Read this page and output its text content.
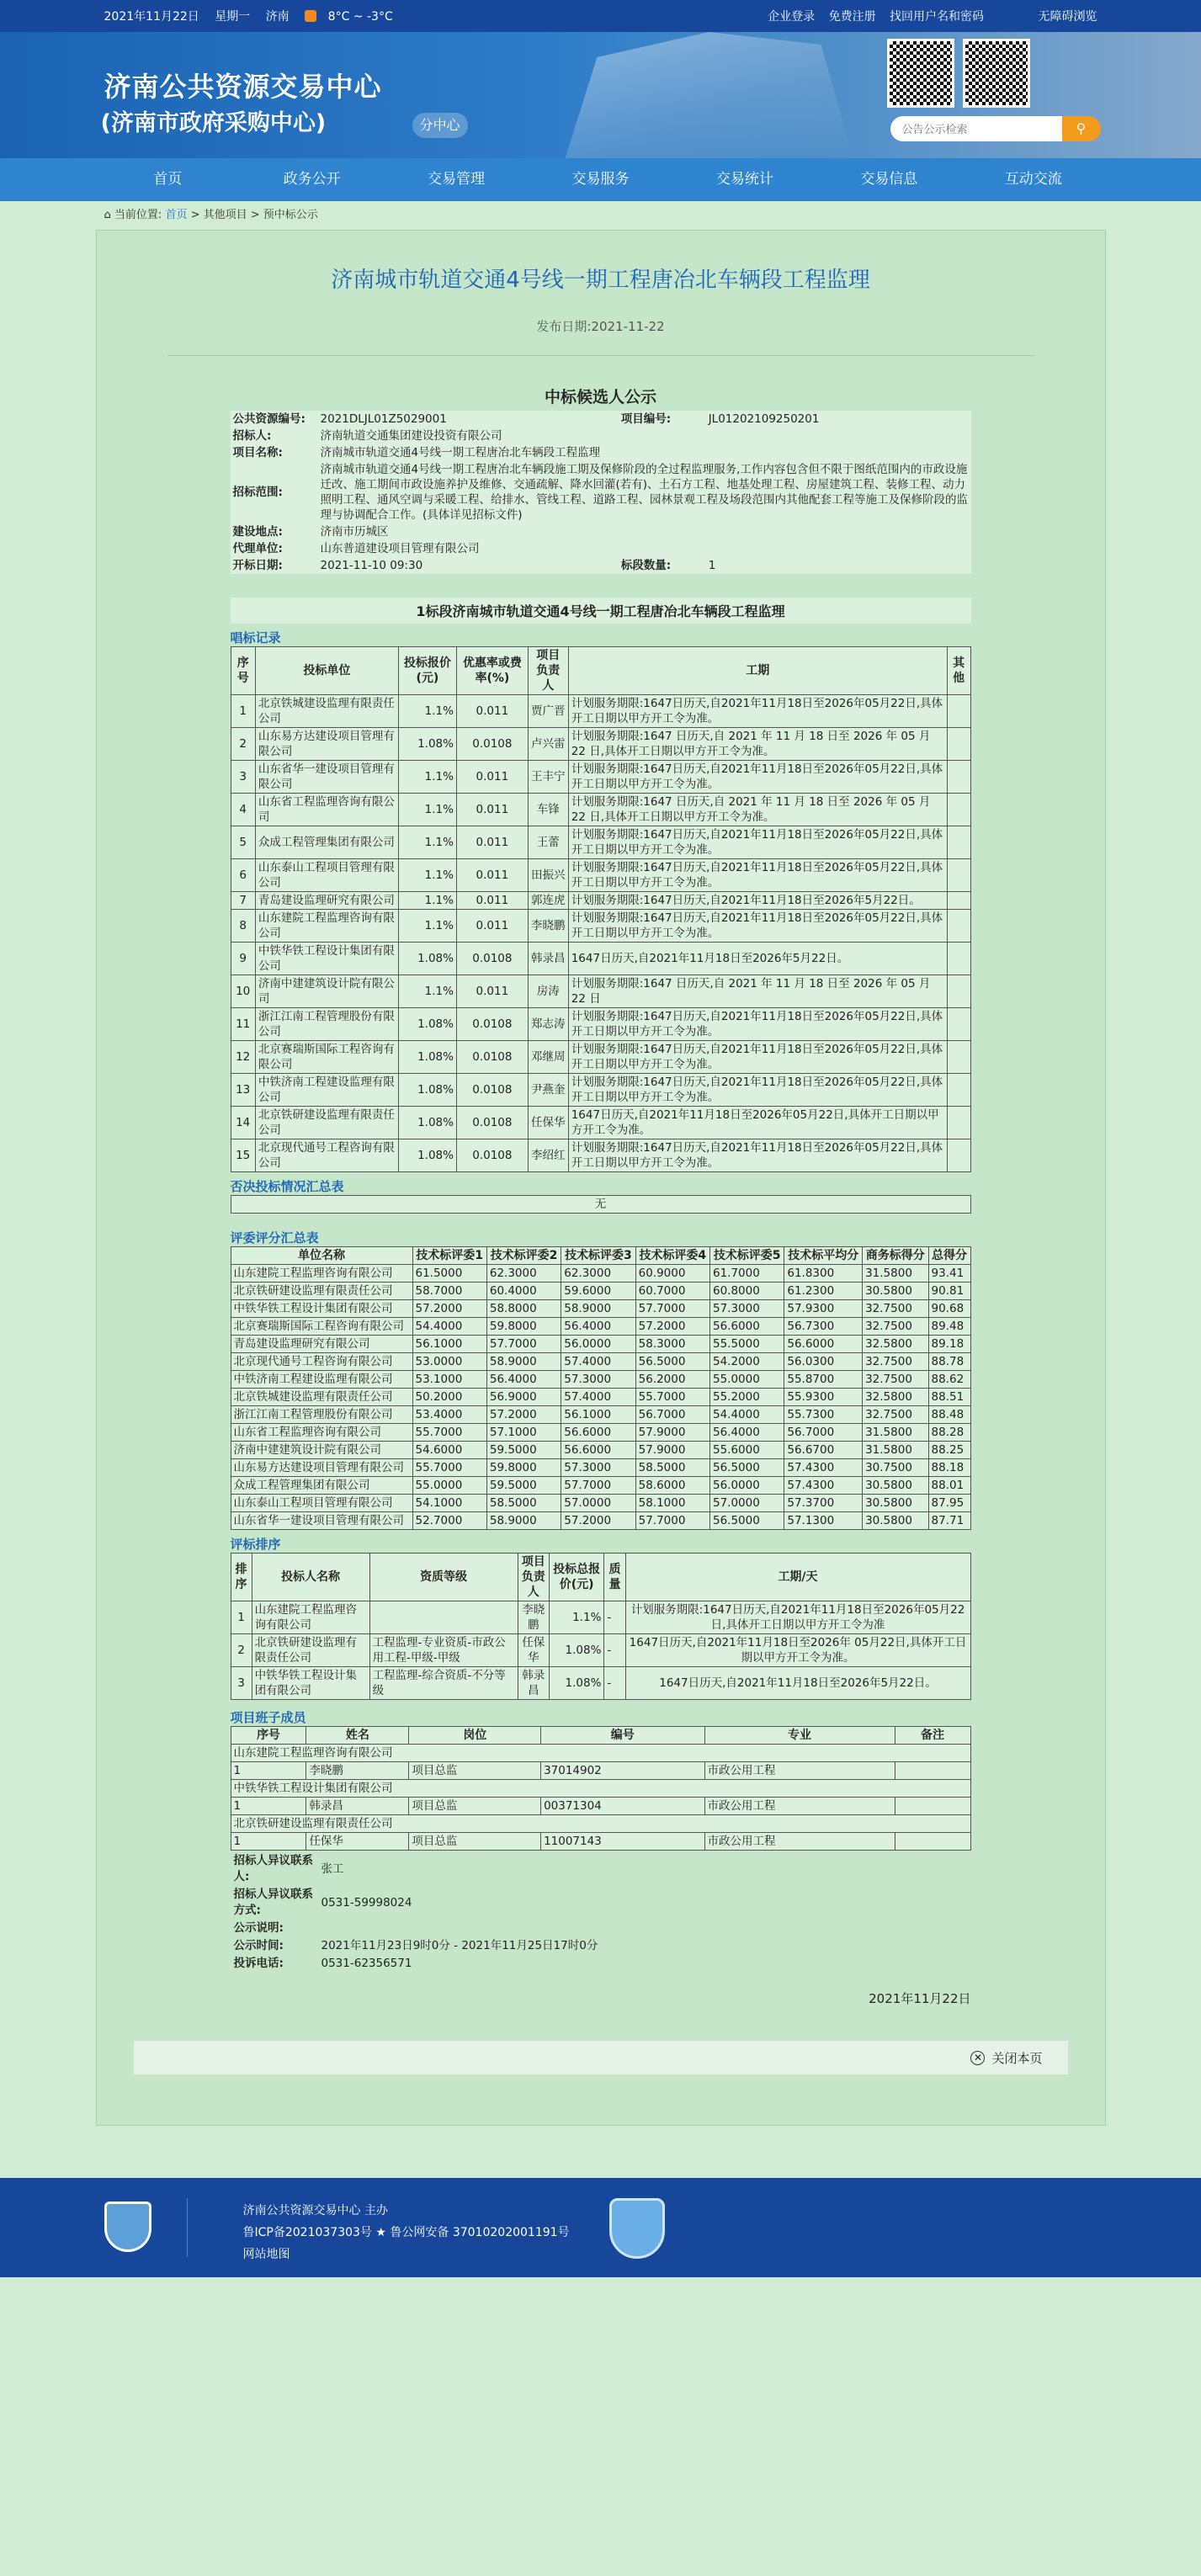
2021年11月22日 星期一 济南	8°C ~ -3°C	企业登录 免费注册 找回用户名和密码	无障碍浏览
济南公共资源交易中心
(济南市政府采购中心)	分中心
公告公示检索	⚲
首页	政务公开	交易管理	交易服务	交易统计	交易信息	互动交流
⌂ 当前位置: 首页 > 其他项目 > 预中标公示
济南城市轨道交通4号线一期工程唐冶北车辆段工程监理
发布日期:2021-11-22
中标候选人公示
公共资源编号:	2021DLJL01Z5029001	项目编号:	JL01202109250201
招标人:	济南轨道交通集团建设投资有限公司		
项目名称:	济南城市轨道交通4号线一期工程唐冶北车辆段工程监理		
招标范围:	济南城市轨道交通4号线一期工程唐冶北车辆段施工期及保修阶段的全过程监理服务,工作内容包含但不限于图纸范围内的市政设施迁改、施工期间市政设施养护及维修、交通疏解、降水回灌(若有)、土石方工程、地基处理工程、房屋建筑工程、装修工程、动力照明工程、通风空调与采暖工程、给排水、管线工程、道路工程、园林景观工程及场段范围内其他配套工程等施工及保修阶段的监理与协调配合工作。(具体详见招标文件)		
建设地点:	济南市历城区		
代理单位:	山东普道建设项目管理有限公司		
开标日期:	2021-11-10 09:30	标段数量:	1
1标段济南城市轨道交通4号线一期工程唐冶北车辆段工程监理
唱标记录
序号	投标单位	投标报价(元)	优惠率或费率(%)	项目负责人	工期	其他
1	北京铁城建设监理有限责任公司	1.1%	0.011	贾广晋	计划服务期限:1647日历天,自2021年11月18日至2026年05月22日,具体开工日期以甲方开工令为准。	
2	山东易方达建设项目管理有限公司	1.08%	0.0108	卢兴雷	计划服务期限:1647 日历天,自 2021 年 11 月 18 日至 2026 年 05 月 22 日,具体开工日期以甲方开工令为准。	
3	山东省华一建设项目管理有限公司	1.1%	0.011	王丰宁	计划服务期限:1647日历天,自2021年11月18日至2026年05月22日,具体开工日期以甲方开工令为准。	
4	山东省工程监理咨询有限公司	1.1%	0.011	车锋	计划服务期限:1647 日历天,自 2021 年 11 月 18 日至 2026 年 05 月 22 日,具体开工日期以甲方开工令为准。	
5	众成工程管理集团有限公司	1.1%	0.011	王蕾	计划服务期限:1647日历天,自2021年11月18日至2026年05月22日,具体开工日期以甲方开工令为准。	
6	山东泰山工程项目管理有限公司	1.1%	0.011	田振兴	计划服务期限:1647日历天,自2021年11月18日至2026年05月22日,具体开工日期以甲方开工令为准。	
7	青岛建设监理研究有限公司	1.1%	0.011	郭连虎	计划服务期限:1647日历天,自2021年11月18日至2026年5月22日。	
8	山东建院工程监理咨询有限公司	1.1%	0.011	李晓鹏	计划服务期限:1647日历天,自2021年11月18日至2026年05月22日,具体开工日期以甲方开工令为准。	
9	中铁华铁工程设计集团有限公司	1.08%	0.0108	韩录昌	1647日历天,自2021年11月18日至2026年5月22日。	
10	济南中建建筑设计院有限公司	1.1%	0.011	房涛	计划服务期限:1647 日历天,自 2021 年 11 月 18 日至 2026 年 05 月 22 日	
11	浙江江南工程管理股份有限公司	1.08%	0.0108	郑志涛	计划服务期限:1647日历天,自2021年11月18日至2026年05月22日,具体开工日期以甲方开工令为准。	
12	北京赛瑞斯国际工程咨询有限公司	1.08%	0.0108	邓继周	计划服务期限:1647日历天,自2021年11月18日至2026年05月22日,具体开工日期以甲方开工令为准。	
13	中铁济南工程建设监理有限公司	1.08%	0.0108	尹燕奎	计划服务期限:1647日历天,自2021年11月18日至2026年05月22日,具体开工日期以甲方开工令为准。	
14	北京铁研建设监理有限责任公司	1.08%	0.0108	任保华	1647日历天,自2021年11月18日至2026年05月22日,具体开工日期以甲方开工令为准。	
15	北京现代通号工程咨询有限公司	1.08%	0.0108	李绍红	计划服务期限:1647日历天,自2021年11月18日至2026年05月22日,具体开工日期以甲方开工令为准。	
否决投标情况汇总表
无
评委评分汇总表
单位名称	技术标评委1	技术标评委2	技术标评委3	技术标评委4	技术标评委5	技术标平均分	商务标得分	总得分
山东建院工程监理咨询有限公司	61.5000	62.3000	62.3000	60.9000	61.7000	61.8300	31.5800	93.41
北京铁研建设监理有限责任公司	58.7000	60.4000	59.6000	60.7000	60.8000	61.2300	30.5800	90.81
中铁华铁工程设计集团有限公司	57.2000	58.8000	58.9000	57.7000	57.3000	57.9300	32.7500	90.68
北京赛瑞斯国际工程咨询有限公司	54.4000	59.8000	56.4000	57.2000	56.6000	56.7300	32.7500	89.48
青岛建设监理研究有限公司	56.1000	57.7000	56.0000	58.3000	55.5000	56.6000	32.5800	89.18
北京现代通号工程咨询有限公司	53.0000	58.9000	57.4000	56.5000	54.2000	56.0300	32.7500	88.78
中铁济南工程建设监理有限公司	53.1000	56.4000	57.3000	56.2000	55.0000	55.8700	32.7500	88.62
北京铁城建设监理有限责任公司	50.2000	56.9000	57.4000	55.7000	55.2000	55.9300	32.5800	88.51
浙江江南工程管理股份有限公司	53.4000	57.2000	56.1000	56.7000	54.4000	55.7300	32.7500	88.48
山东省工程监理咨询有限公司	55.7000	57.1000	56.6000	57.9000	56.4000	56.7000	31.5800	88.28
济南中建建筑设计院有限公司	54.6000	59.5000	56.6000	57.9000	55.6000	56.6700	31.5800	88.25
山东易方达建设项目管理有限公司	55.7000	59.8000	57.3000	58.5000	56.5000	57.4300	30.7500	88.18
众成工程管理集团有限公司	55.0000	59.5000	57.7000	58.6000	56.0000	57.4300	30.5800	88.01
山东泰山工程项目管理有限公司	54.1000	58.5000	57.0000	58.1000	57.0000	57.3700	30.5800	87.95
山东省华一建设项目管理有限公司	52.7000	58.9000	57.2000	57.7000	56.5000	57.1300	30.5800	87.71
评标排序
排序	投标人名称	资质等级	项目负责人	投标总报价(元)	质量	工期/天
1	山东建院工程监理咨询有限公司		李晓鹏	1.1%	-	计划服务期限:1647日历天,自2021年11月18日至2026年05月22日,具体开工日期以甲方开工令为准
2	北京铁研建设监理有限责任公司	工程监理-专业资质-市政公用工程-甲级-甲级	任保华	1.08%	-	1647日历天,自2021年11月18日至2026年 05月22日,具体开工日期以甲方开工令为准。
3	中铁华铁工程设计集团有限公司	工程监理-综合资质-不分等级	韩录昌	1.08%	-	1647日历天,自2021年11月18日至2026年5月22日。
项目班子成员
序号	姓名	岗位	编号	专业	备注
山东建院工程监理咨询有限公司					
1	李晓鹏	项目总监	37014902	市政公用工程	
中铁华铁工程设计集团有限公司					
1	韩录昌	项目总监	00371304	市政公用工程	
北京铁研建设监理有限责任公司					
1	任保华	项目总监	11007143	市政公用工程	
招标人异议联系人:	张工
招标人异议联系方式:	0531-59998024
公示说明:	
公示时间:	2021年11月23日9时0分 - 2021年11月25日17时0分
投诉电话:	0531-62356571
2021年11月22日
✕ 关闭本页
济南公共资源交易中心 主办
鲁ICP备2021037303号 ★ 鲁公网安备 37010202001191号
网站地图
